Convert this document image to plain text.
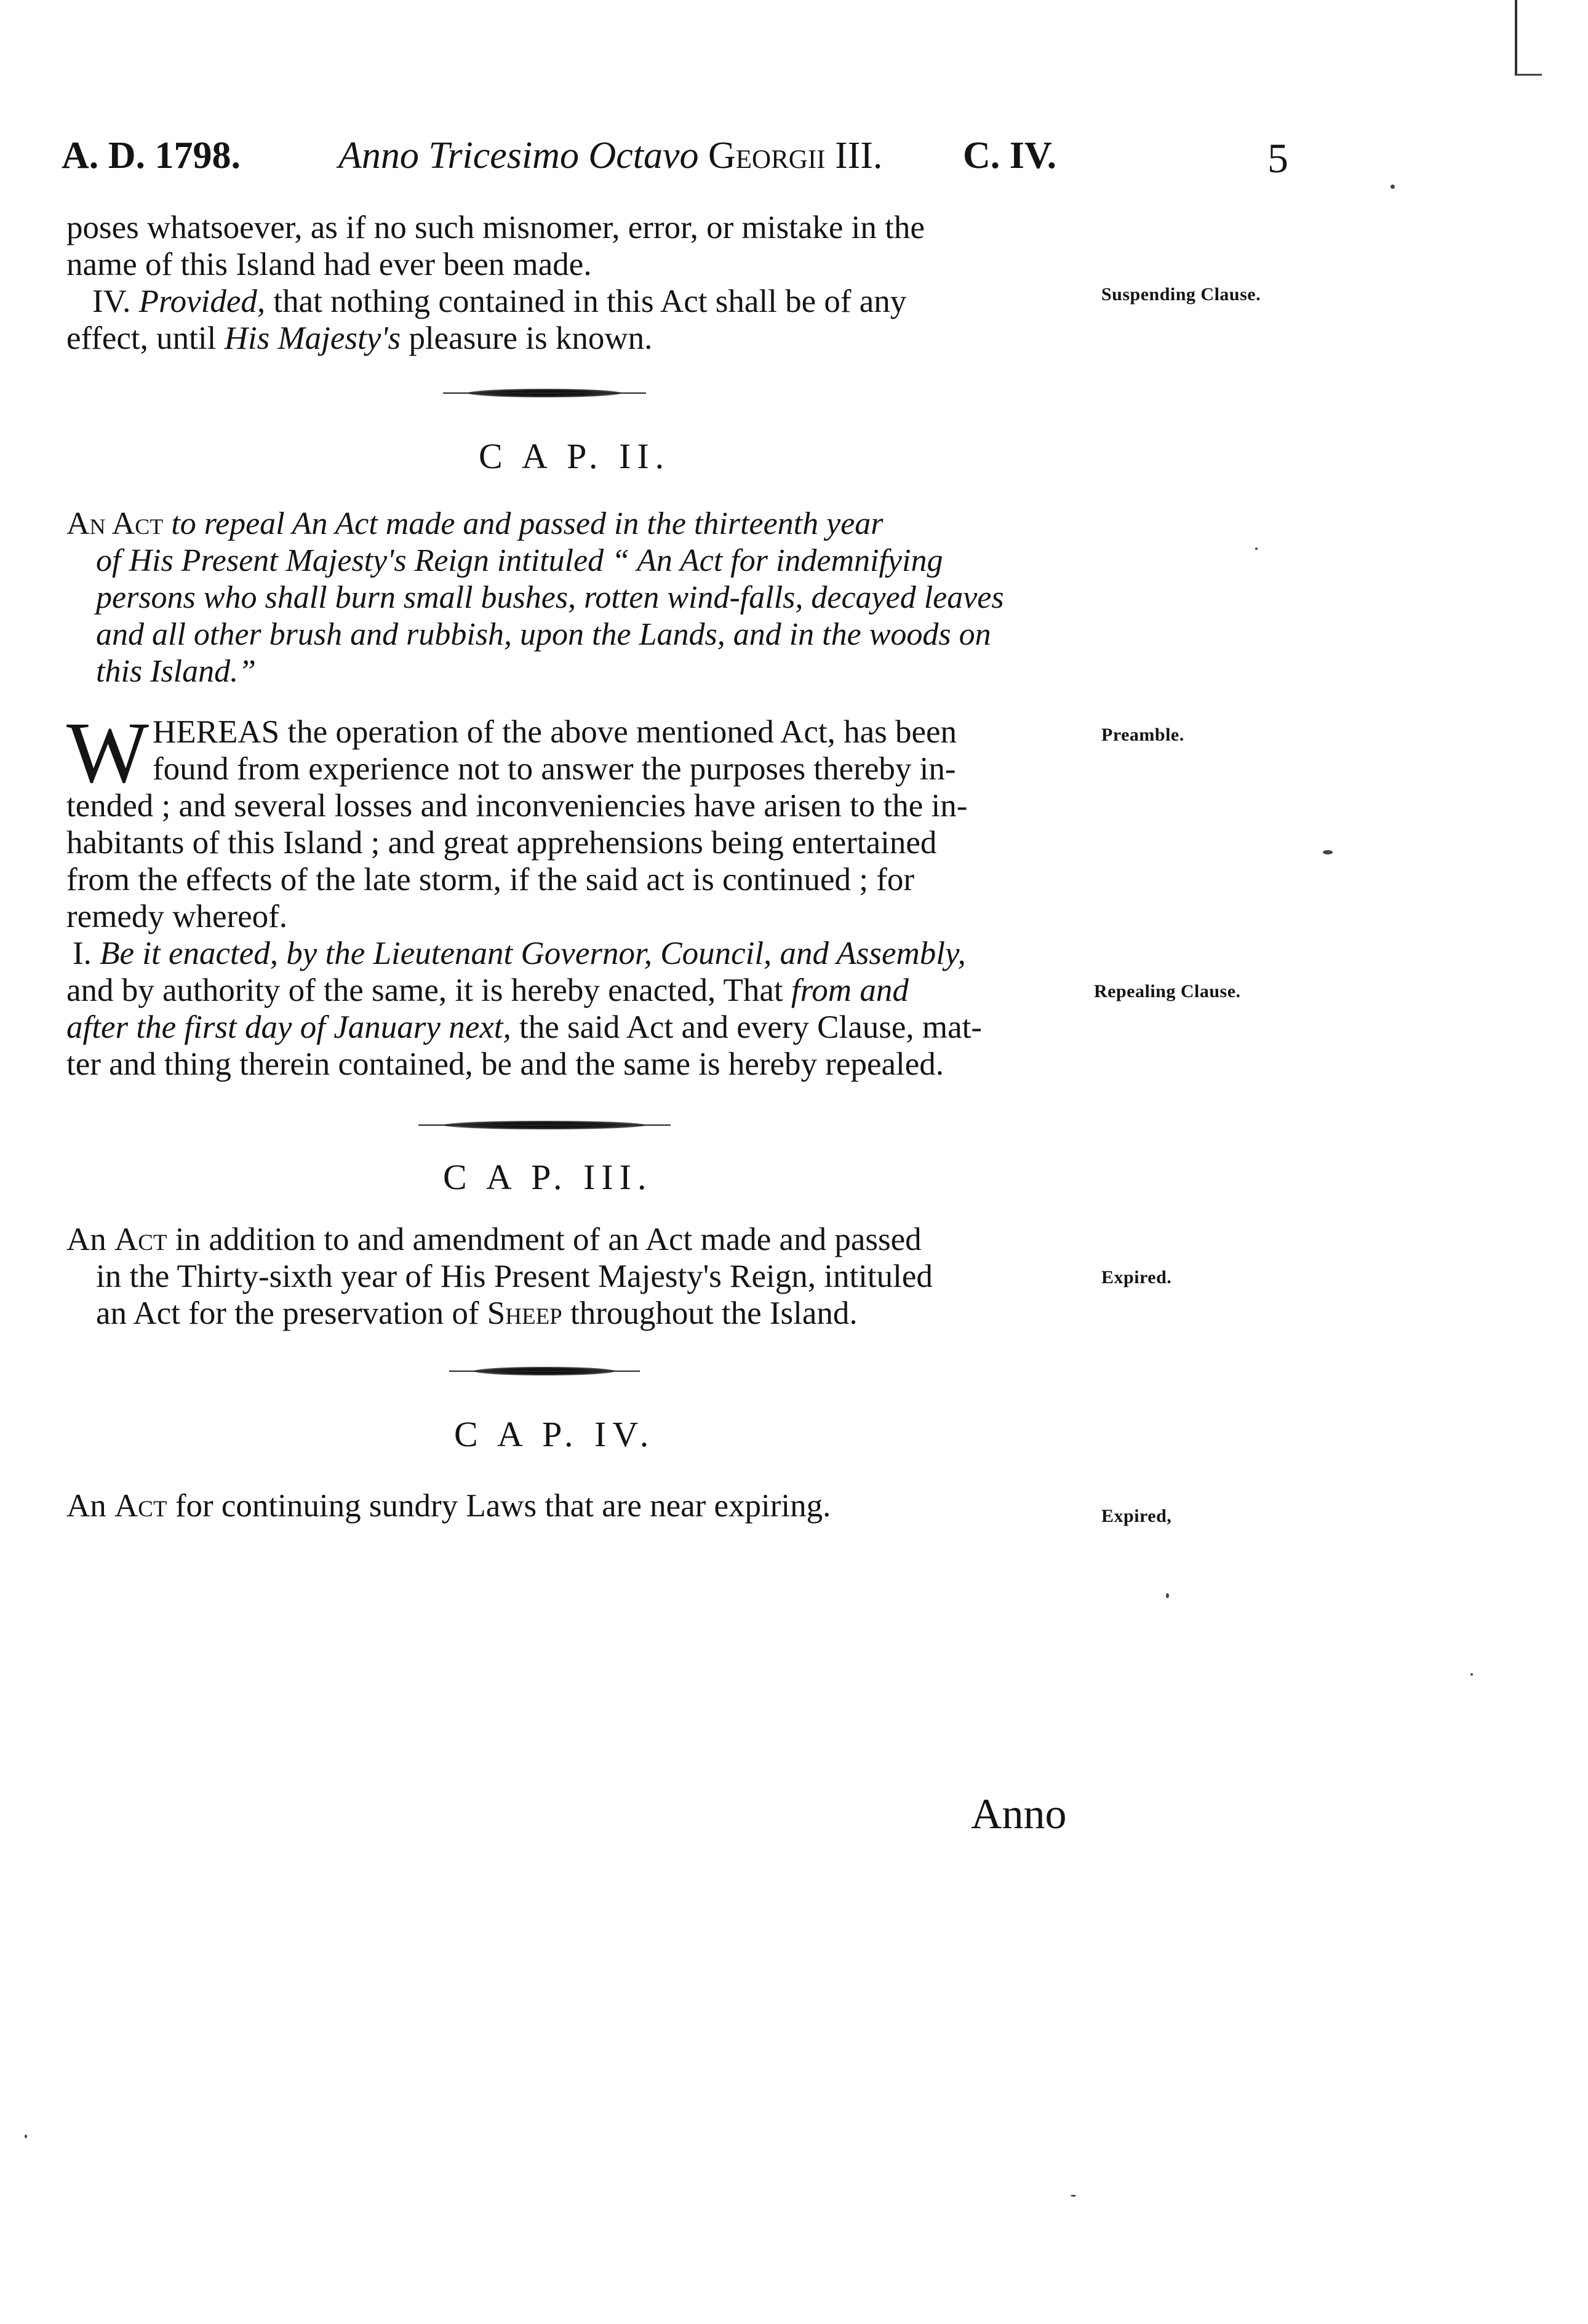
A. D. 1798.	Anno Tricesimo Octavo Georgii III. C. IV.	5
poses whatsoever, as if no such misnomer, error, or mistake in the
name of this Island had ever been made.
IV. Provided, that nothing contained in this Act shall be of any
effect, until His Majesty's pleasure is known.
Suspending Clause.
C A P. II.
An Act to repeal An Act made and passed in the thirteenth year
of His Present Majesty's Reign intituled “ An Act for indemnifying
persons who shall burn small bushes, rotten wind-falls, decayed leaves
and all other brush and rubbish, upon the Lands, and in the woods on
this Island.”
W HEREAS the operation of the above mentioned Act, has been
found from experience not to answer the purposes thereby in-
tended ; and several losses and inconveniencies have arisen to the in-
habitants of this Island ; and great apprehensions being entertained
from the effects of the late storm, if the said act is continued ; for
remedy whereof.
I. Be it enacted, by the Lieutenant Governor, Council, and Assembly,
and by authority of the same, it is hereby enacted, That from and
after the first day of January next, the said Act and every Clause, mat-
ter and thing therein contained, be and the same is hereby repealed.
Preamble.
Repealing Clause.
C A P. III.
An Act in addition to and amendment of an Act made and passed
in the Thirty-sixth year of His Present Majesty's Reign, intituled
an Act for the preservation of Sheep throughout the Island.
Expired.
C A P. IV.
An Act for continuing sundry Laws that are near expiring.	Expired,
Anno
